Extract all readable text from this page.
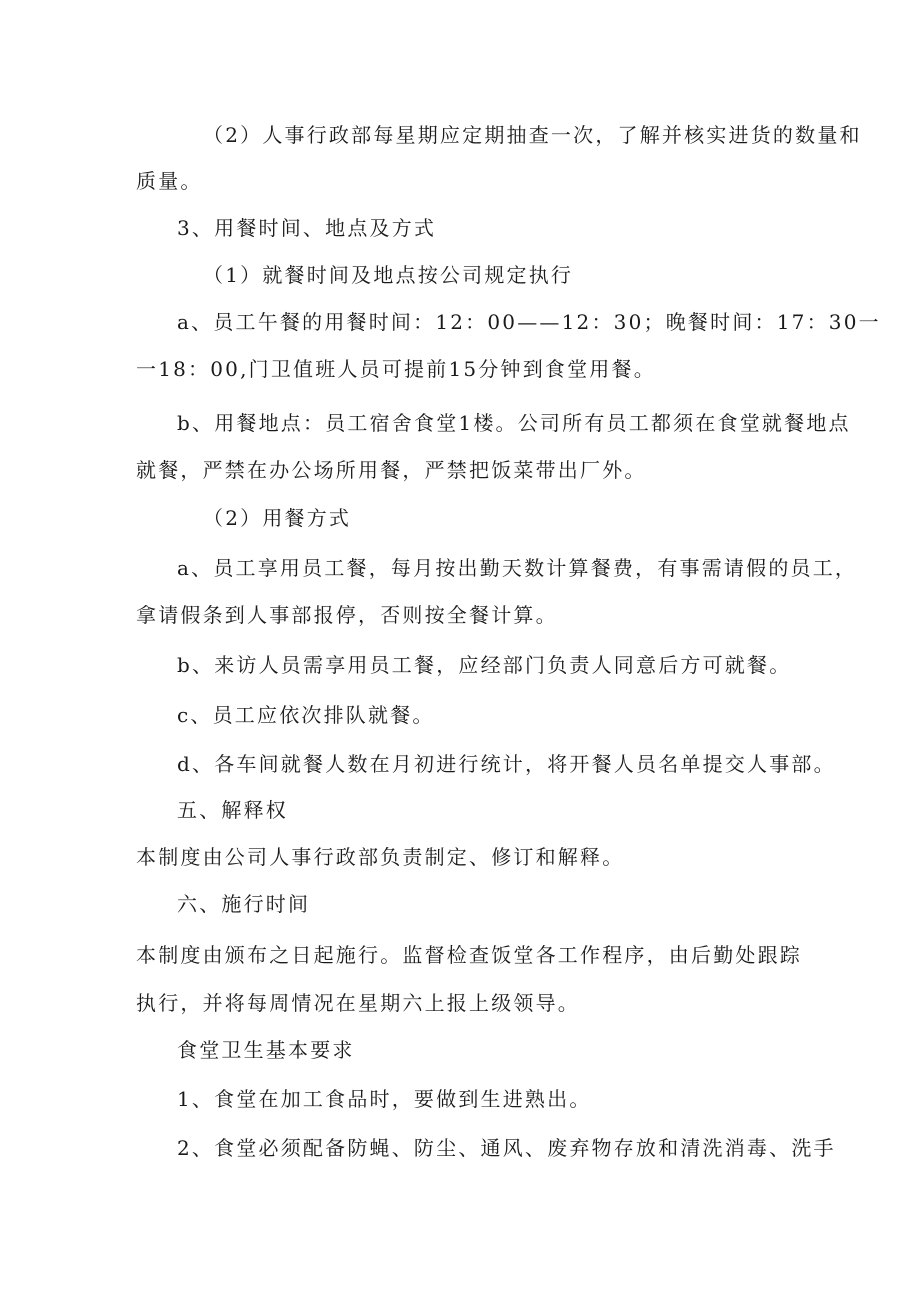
（2）人事行政部每星期应定期抽查一次，了解并核实进货的数量和
质量。
3、用餐时间、地点及方式
（1）就餐时间及地点按公司规定执行
a、员工午餐的用餐时间：12：00——12：30；晚餐时间：17：30一
一18：00,门卫值班人员可提前15分钟到食堂用餐。
b、用餐地点：员工宿舍食堂1楼。公司所有员工都须在食堂就餐地点
就餐，严禁在办公场所用餐，严禁把饭菜带出厂外。
（2）用餐方式
a、员工享用员工餐，每月按出勤天数计算餐费，有事需请假的员工，
拿请假条到人事部报停，否则按全餐计算。
b、来访人员需享用员工餐，应经部门负责人同意后方可就餐。
c、员工应依次排队就餐。
d、各车间就餐人数在月初进行统计，将开餐人员名单提交人事部。
五、解释权
本制度由公司人事行政部负责制定、修订和解释。
六、施行时间
本制度由颁布之日起施行。监督检查饭堂各工作程序，由后勤处跟踪
执行，并将每周情况在星期六上报上级领导。
食堂卫生基本要求
1、食堂在加工食品时，要做到生进熟出。
2、食堂必须配备防蝇、防尘、通风、废弃物存放和清洗消毒、洗手
